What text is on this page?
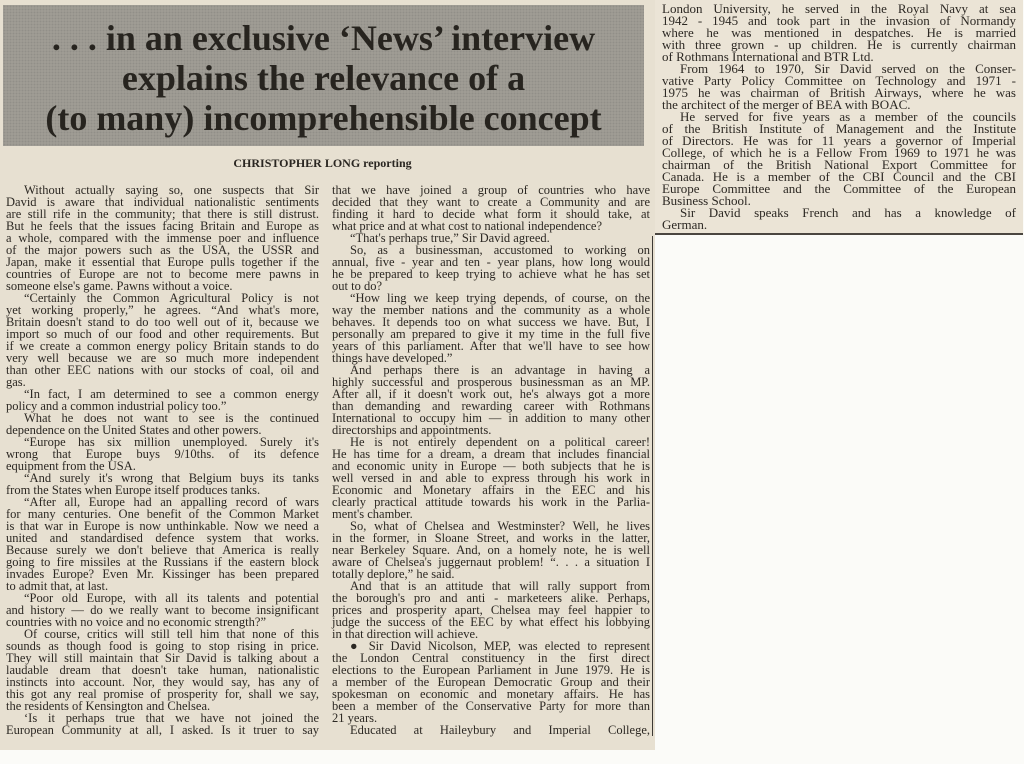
. . . in an exclusive ‘News’ interview
explains the relevance of a
(to many) incomprehensible concept
CHRISTOPHER LONG reporting
Without actually saying so, one suspects that Sir
David is aware that individual nationalistic sentiments
are still rife in the community; that there is still distrust.
But he feels that the issues facing Britain and Europe as
a whole, compared with the immense poer and influence
of the major powers such as the USA, the USSR and
Japan, make it essential that Europe pulls together if the
countries of Europe are not to become mere pawns in
someone else's game. Pawns without a voice.
“Certainly the Common Agricultural Policy is not
yet working properly,” he agrees. “And what's more,
Britain doesn't stand to do too well out of it, because we
import so much of our food and other requirements. But
if we create a common energy policy Britain stands to do
very well because we are so much more independent
than other EEC nations with our stocks of coal, oil and
gas.
“In fact, I am determined to see a common energy
policy and a common industrial policy too.”
What he does not want to see is the continued
dependence on the United States and other powers.
“Europe has six million unemployed. Surely it's
wrong that Europe buys 9/10ths. of its defence
equipment from the USA.
“And surely it's wrong that Belgium buys its tanks
from the States when Europe itself produces tanks.
“After all, Europe had an appalling record of wars
for many centuries. One benefit of the Common Market
is that war in Europe is now unthinkable. Now we need a
united and standardised defence system that works.
Because surely we don't believe that America is really
going to fire missiles at the Russians if the eastern block
invades Europe? Even Mr. Kissinger has been prepared
to admit that, at last.
“Poor old Europe, with all its talents and potential
and history — do we really want to become insignificant
countries with no voice and no economic strength?”
Of course, critics will still tell him that none of this
sounds as though food is going to stop rising in price.
They will still maintain that Sir David is talking about a
laudable dream that doesn't take human, nationalistic
instincts into account. Nor, they would say, has any of
this got any real promise of prosperity for, shall we say,
the residents of Kensington and Chelsea.
‘Is it perhaps true that we have not joined the
European Community at all, I asked. Is it truer to say
that we have joined a group of countries who have
decided that they want to create a Community and are
finding it hard to decide what form it should take, at
what price and at what cost to national independence?
“That's perhaps true,” Sir David agreed.
So, as a businessman, accustomed to working on
annual, five - year and ten - year plans, how long would
he be prepared to keep trying to achieve what he has set
out to do?
“How ling we keep trying depends, of course, on the
way the member nations and the community as a whole
behaves. It depends too on what success we have. But, I
personally am prepared to give it my time in the full five
years of this parliament. After that we'll have to see how
things have developed.”
And perhaps there is an advantage in having a
highly successful and prosperous businessman as an MP.
After all, if it doesn't work out, he's always got a more
than demanding and rewarding career with Rothmans
International to occupy him — in addition to many other
directorships and appointments.
He is not entirely dependent on a political career!
He has time for a dream, a dream that includes financial
and economic unity in Europe — both subjects that he is
well versed in and able to express through his work in
Economic and Monetary affairs in the EEC and his
clearly practical attitude towards his work in the Parlia-
ment's chamber.
So, what of Chelsea and Westminster? Well, he lives
in the former, in Sloane Street, and works in the latter,
near Berkeley Square. And, on a homely note, he is well
aware of Chelsea's juggernaut problem! “. . . a situation I
totally deplore,” he said.
And that is an attitude that will rally support from
the borough's pro and anti - marketeers alike. Perhaps,
prices and prosperity apart, Chelsea may feel happier to
judge the success of the EEC by what effect his lobbying
in that direction will achieve.
● Sir David Nicolson, MEP, was elected to represent
the London Central constituency in the first direct
elections to the European Parliament in June 1979. He is
a member of the European Democratic Group and their
spokesman on economic and monetary affairs. He has
been a member of the Conservative Party for more than
21 years.
Educated at Haileybury and Imperial College,
London University, he served in the Royal Navy at sea
1942 - 1945 and took part in the invasion of Normandy
where he was mentioned in despatches. He is married
with three grown - up children. He is currently chairman
of Rothmans International and BTR Ltd.
From 1964 to 1970, Sir David served on the Conser-
vative Party Policy Committee on Technology and 1971 -
1975 he was chairman of British Airways, where he was
the architect of the merger of BEA with BOAC.
He served for five years as a member of the councils
of the British Institute of Management and the Institute
of Directors. He was for 11 years a governor of Imperial
College, of which he is a Fellow From 1969 to 1971 he was
chairman of the British National Export Committee for
Canada. He is a member of the CBI Council and the CBI
Europe Committee and the Committee of the European
Business School.
Sir David speaks French and has a knowledge of
German.
